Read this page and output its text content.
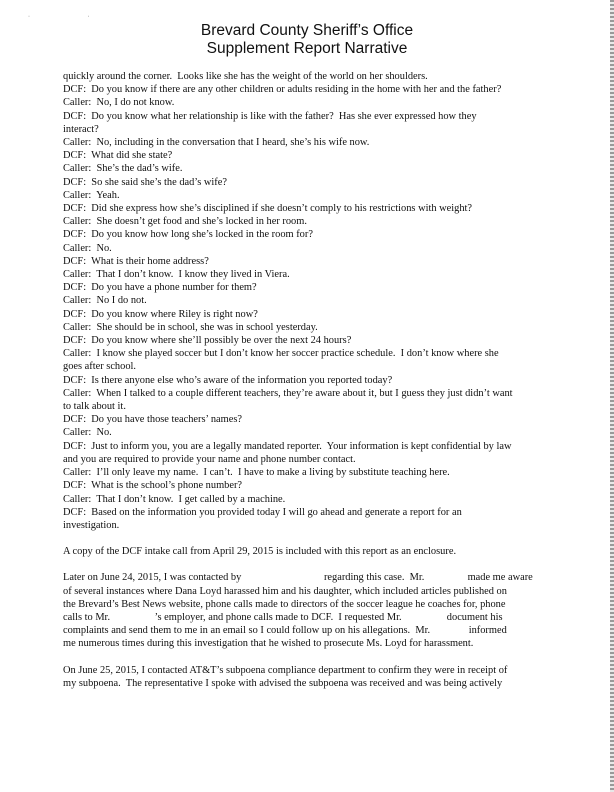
· ·
Brevard County Sheriff’s Office
Supplement Report Narrative
quickly around the corner.  Looks like she has the weight of the world on her shoulders.
DCF:  Do you know if there are any other children or adults residing in the home with her and the father?
Caller:  No, I do not know.
DCF:  Do you know what her relationship is like with the father?  Has she ever expressed how they
interact?
Caller:  No, including in the conversation that I heard, she’s his wife now.
DCF:  What did she state?
Caller:  She’s the dad’s wife.
DCF:  So she said she’s the dad’s wife?
Caller:  Yeah.
DCF:  Did she express how she’s disciplined if she doesn’t comply to his restrictions with weight?
Caller:  She doesn’t get food and she’s locked in her room.
DCF:  Do you know how long she’s locked in the room for?
Caller:  No.
DCF:  What is their home address?
Caller:  That I don’t know.  I know they lived in Viera.
DCF:  Do you have a phone number for them?
Caller:  No I do not.
DCF:  Do you know where Riley is right now?
Caller:  She should be in school, she was in school yesterday.
DCF:  Do you know where she’ll possibly be over the next 24 hours?
Caller:  I know she played soccer but I don’t know her soccer practice schedule.  I don’t know where she
goes after school.
DCF:  Is there anyone else who’s aware of the information you reported today?
Caller:  When I talked to a couple different teachers, they’re aware about it, but I guess they just didn’t want
to talk about it.
DCF:  Do you have those teachers’ names?
Caller:  No.
DCF:  Just to inform you, you are a legally mandated reporter.  Your information is kept confidential by law
and you are required to provide your name and phone number contact.
Caller:  I’ll only leave my name.  I can’t.  I have to make a living by substitute teaching here.
DCF:  What is the school’s phone number?
Caller:  That I don’t know.  I get called by a machine.
DCF:  Based on the information you provided today I will go ahead and generate a report for an
investigation.
A copy of the DCF intake call from April 29, 2015 is included with this report as an enclosure.
Later on June 24, 2015, I was contacted by	regarding this case.  Mr.	made me aware
of several instances where Dana Loyd harassed him and his daughter, which included articles published on
the Brevard’s Best News website, phone calls made to directors of the soccer league he coaches for, phone
calls to Mr.	’s employer, and phone calls made to DCF.  I requested Mr.	document his
complaints and send them to me in an email so I could follow up on his allegations.  Mr.	informed
me numerous times during this investigation that he wished to prosecute Ms. Loyd for harassment.
On June 25, 2015, I contacted AT&T’s subpoena compliance department to confirm they were in receipt of
my subpoena.  The representative I spoke with advised the subpoena was received and was being actively
